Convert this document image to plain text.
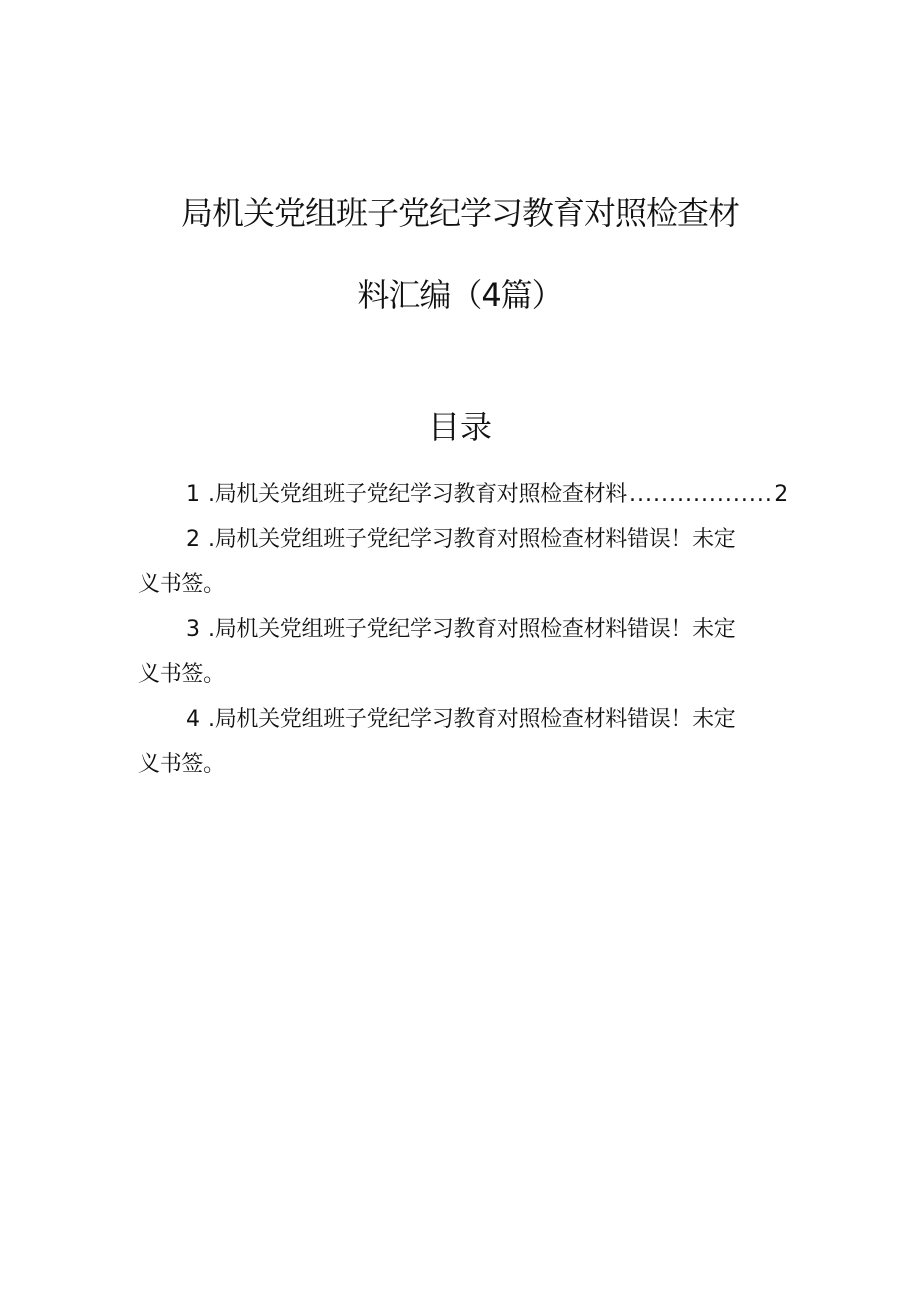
局机关党组班子党纪学习教育对照检查材
料汇编（4篇）
目录
1 .局机关党组班子党纪学习教育对照检查材料
.....	2
2 .局机关党组班子党纪学习教育对照检查材料错误！未定
义书签。
3 .局机关党组班子党纪学习教育对照检查材料错误！未定
义书签。
4 .局机关党组班子党纪学习教育对照检查材料错误！未定
义书签。
